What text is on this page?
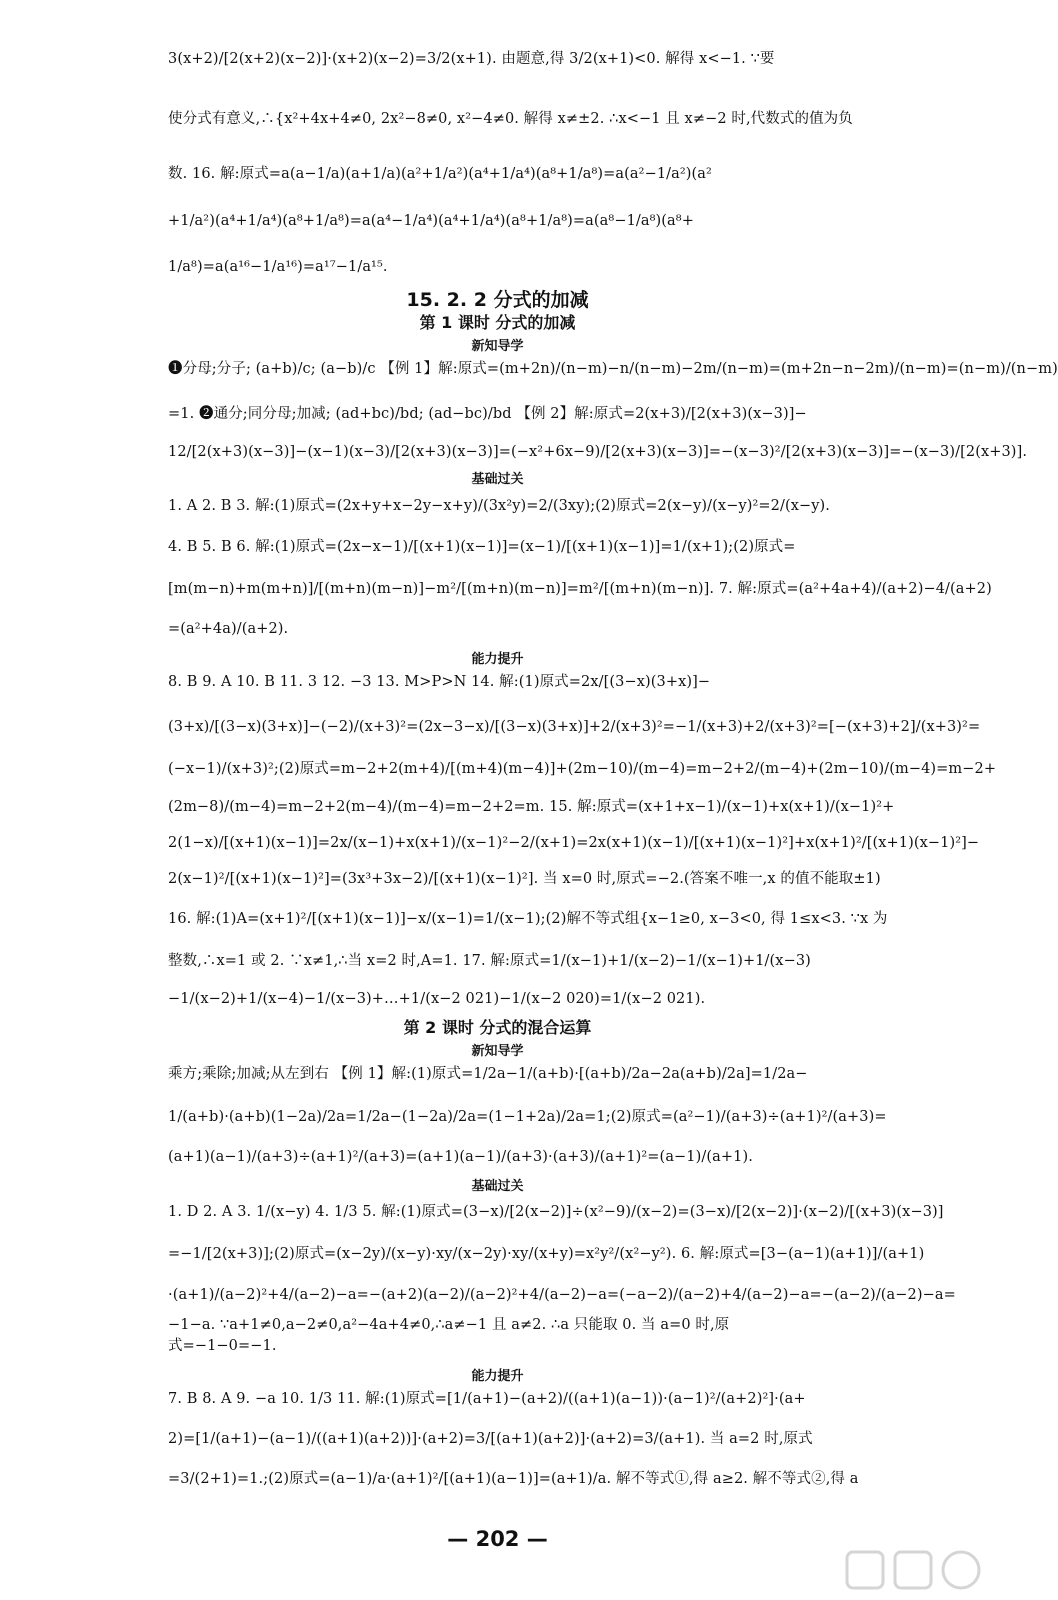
3(x+2)/[2(x+2)(x−2)]·(x+2)(x−2)=3/2(x+1). 由题意,得 3/2(x+1)<0. 解得 x<−1. ∵要
使分式有意义,∴{x²+4x+4≠0, 2x²−8≠0, x²−4≠0. 解得 x≠±2. ∴x<−1 且 x≠−2 时,代数式的值为负
数. 16. 解:原式=a(a−1/a)(a+1/a)(a²+1/a²)(a⁴+1/a⁴)(a⁸+1/a⁸)=a(a²−1/a²)(a²
+1/a²)(a⁴+1/a⁴)(a⁸+1/a⁸)=a(a⁴−1/a⁴)(a⁴+1/a⁴)(a⁸+1/a⁸)=a(a⁸−1/a⁸)(a⁸+
1/a⁸)=a(a¹⁶−1/a¹⁶)=a¹⁷−1/a¹⁵.
15. 2. 2 分式的加减
第 1 课时 分式的加减
新知导学
❶分母;分子; (a+b)/c; (a−b)/c 【例 1】解:原式=(m+2n)/(n−m)−n/(n−m)−2m/(n−m)=(m+2n−n−2m)/(n−m)=(n−m)/(n−m)
=1. ❷通分;同分母;加减; (ad+bc)/bd; (ad−bc)/bd 【例 2】解:原式=2(x+3)/[2(x+3)(x−3)]−
12/[2(x+3)(x−3)]−(x−1)(x−3)/[2(x+3)(x−3)]=(−x²+6x−9)/[2(x+3)(x−3)]=−(x−3)²/[2(x+3)(x−3)]=−(x−3)/[2(x+3)].
基础过关
1. A 2. B 3. 解:(1)原式=(2x+y+x−2y−x+y)/(3x²y)=2/(3xy);(2)原式=2(x−y)/(x−y)²=2/(x−y).
4. B 5. B 6. 解:(1)原式=(2x−x−1)/[(x+1)(x−1)]=(x−1)/[(x+1)(x−1)]=1/(x+1);(2)原式=
[m(m−n)+m(m+n)]/[(m+n)(m−n)]−m²/[(m+n)(m−n)]=m²/[(m+n)(m−n)]. 7. 解:原式=(a²+4a+4)/(a+2)−4/(a+2)
=(a²+4a)/(a+2).
能力提升
8. B 9. A 10. B 11. 3 12. −3 13. M>P>N 14. 解:(1)原式=2x/[(3−x)(3+x)]−
(3+x)/[(3−x)(3+x)]−(−2)/(x+3)²=(2x−3−x)/[(3−x)(3+x)]+2/(x+3)²=−1/(x+3)+2/(x+3)²=[−(x+3)+2]/(x+3)²=
(−x−1)/(x+3)²;(2)原式=m−2+2(m+4)/[(m+4)(m−4)]+(2m−10)/(m−4)=m−2+2/(m−4)+(2m−10)/(m−4)=m−2+
(2m−8)/(m−4)=m−2+2(m−4)/(m−4)=m−2+2=m. 15. 解:原式=(x+1+x−1)/(x−1)+x(x+1)/(x−1)²+
2(1−x)/[(x+1)(x−1)]=2x/(x−1)+x(x+1)/(x−1)²−2/(x+1)=2x(x+1)(x−1)/[(x+1)(x−1)²]+x(x+1)²/[(x+1)(x−1)²]−
2(x−1)²/[(x+1)(x−1)²]=(3x³+3x−2)/[(x+1)(x−1)²]. 当 x=0 时,原式=−2.(答案不唯一,x 的值不能取±1)
16. 解:(1)A=(x+1)²/[(x+1)(x−1)]−x/(x−1)=1/(x−1);(2)解不等式组{x−1≥0, x−3<0, 得 1≤x<3. ∵x 为
整数,∴x=1 或 2. ∵x≠1,∴当 x=2 时,A=1. 17. 解:原式=1/(x−1)+1/(x−2)−1/(x−1)+1/(x−3)
−1/(x−2)+1/(x−4)−1/(x−3)+…+1/(x−2 021)−1/(x−2 020)=1/(x−2 021).
第 2 课时 分式的混合运算
新知导学
乘方;乘除;加减;从左到右 【例 1】解:(1)原式=1/2a−1/(a+b)·[(a+b)/2a−2a(a+b)/2a]=1/2a−
1/(a+b)·(a+b)(1−2a)/2a=1/2a−(1−2a)/2a=(1−1+2a)/2a=1;(2)原式=(a²−1)/(a+3)÷(a+1)²/(a+3)=
(a+1)(a−1)/(a+3)÷(a+1)²/(a+3)=(a+1)(a−1)/(a+3)·(a+3)/(a+1)²=(a−1)/(a+1).
基础过关
1. D 2. A 3. 1/(x−y) 4. 1/3 5. 解:(1)原式=(3−x)/[2(x−2)]÷(x²−9)/(x−2)=(3−x)/[2(x−2)]·(x−2)/[(x+3)(x−3)]
=−1/[2(x+3)];(2)原式=(x−2y)/(x−y)·xy/(x−2y)·xy/(x+y)=x²y²/(x²−y²). 6. 解:原式=[3−(a−1)(a+1)]/(a+1)
·(a+1)/(a−2)²+4/(a−2)−a=−(a+2)(a−2)/(a−2)²+4/(a−2)−a=(−a−2)/(a−2)+4/(a−2)−a=−(a−2)/(a−2)−a=
−1−a. ∵a+1≠0,a−2≠0,a²−4a+4≠0,∴a≠−1 且 a≠2. ∴a 只能取 0. 当 a=0 时,原
式=−1−0=−1.
能力提升
7. B 8. A 9. −a 10. 1/3 11. 解:(1)原式=[1/(a+1)−(a+2)/((a+1)(a−1))·(a−1)²/(a+2)²]·(a+
2)=[1/(a+1)−(a−1)/((a+1)(a+2))]·(a+2)=3/[(a+1)(a+2)]·(a+2)=3/(a+1). 当 a=2 时,原式
=3/(2+1)=1.;(2)原式=(a−1)/a·(a+1)²/[(a+1)(a−1)]=(a+1)/a. 解不等式①,得 a≥2. 解不等式②,得 a
— 202 —
